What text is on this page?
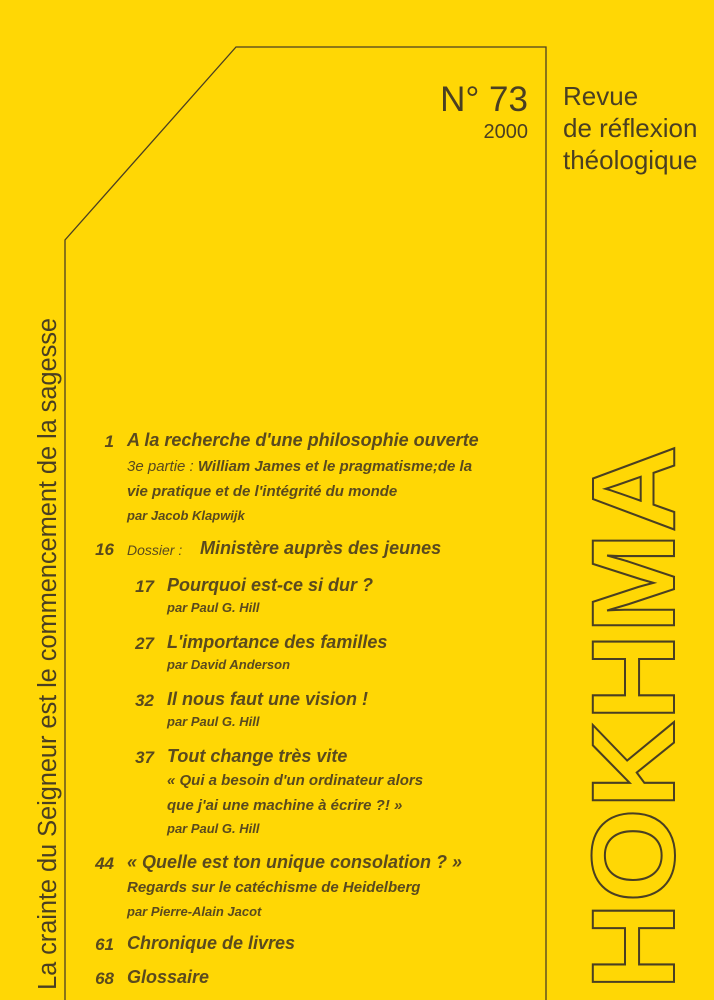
La crainte du Seigneur est le commencement de la sagesse
N° 73
2000
Revue
de réflexion
théologique
HOKHMA
1 A la recherche d'une philosophie ouverte
3e partie : William James et le pragmatisme;de la
vie pratique et de l'intégrité du monde
par Jacob Klapwijk
16 Dossier : Ministère auprès des jeunes
17 Pourquoi est-ce si dur ?
par Paul G. Hill
27 L'importance des familles
par David Anderson
32 Il nous faut une vision !
par Paul G. Hill
37 Tout change très vite
« Qui a besoin d'un ordinateur alors
que j'ai une machine à écrire ?! »
par Paul G. Hill
44 « Quelle est ton unique consolation ? »
Regards sur le catéchisme de Heidelberg
par Pierre-Alain Jacot
61 Chronique de livres
68 Glossaire
